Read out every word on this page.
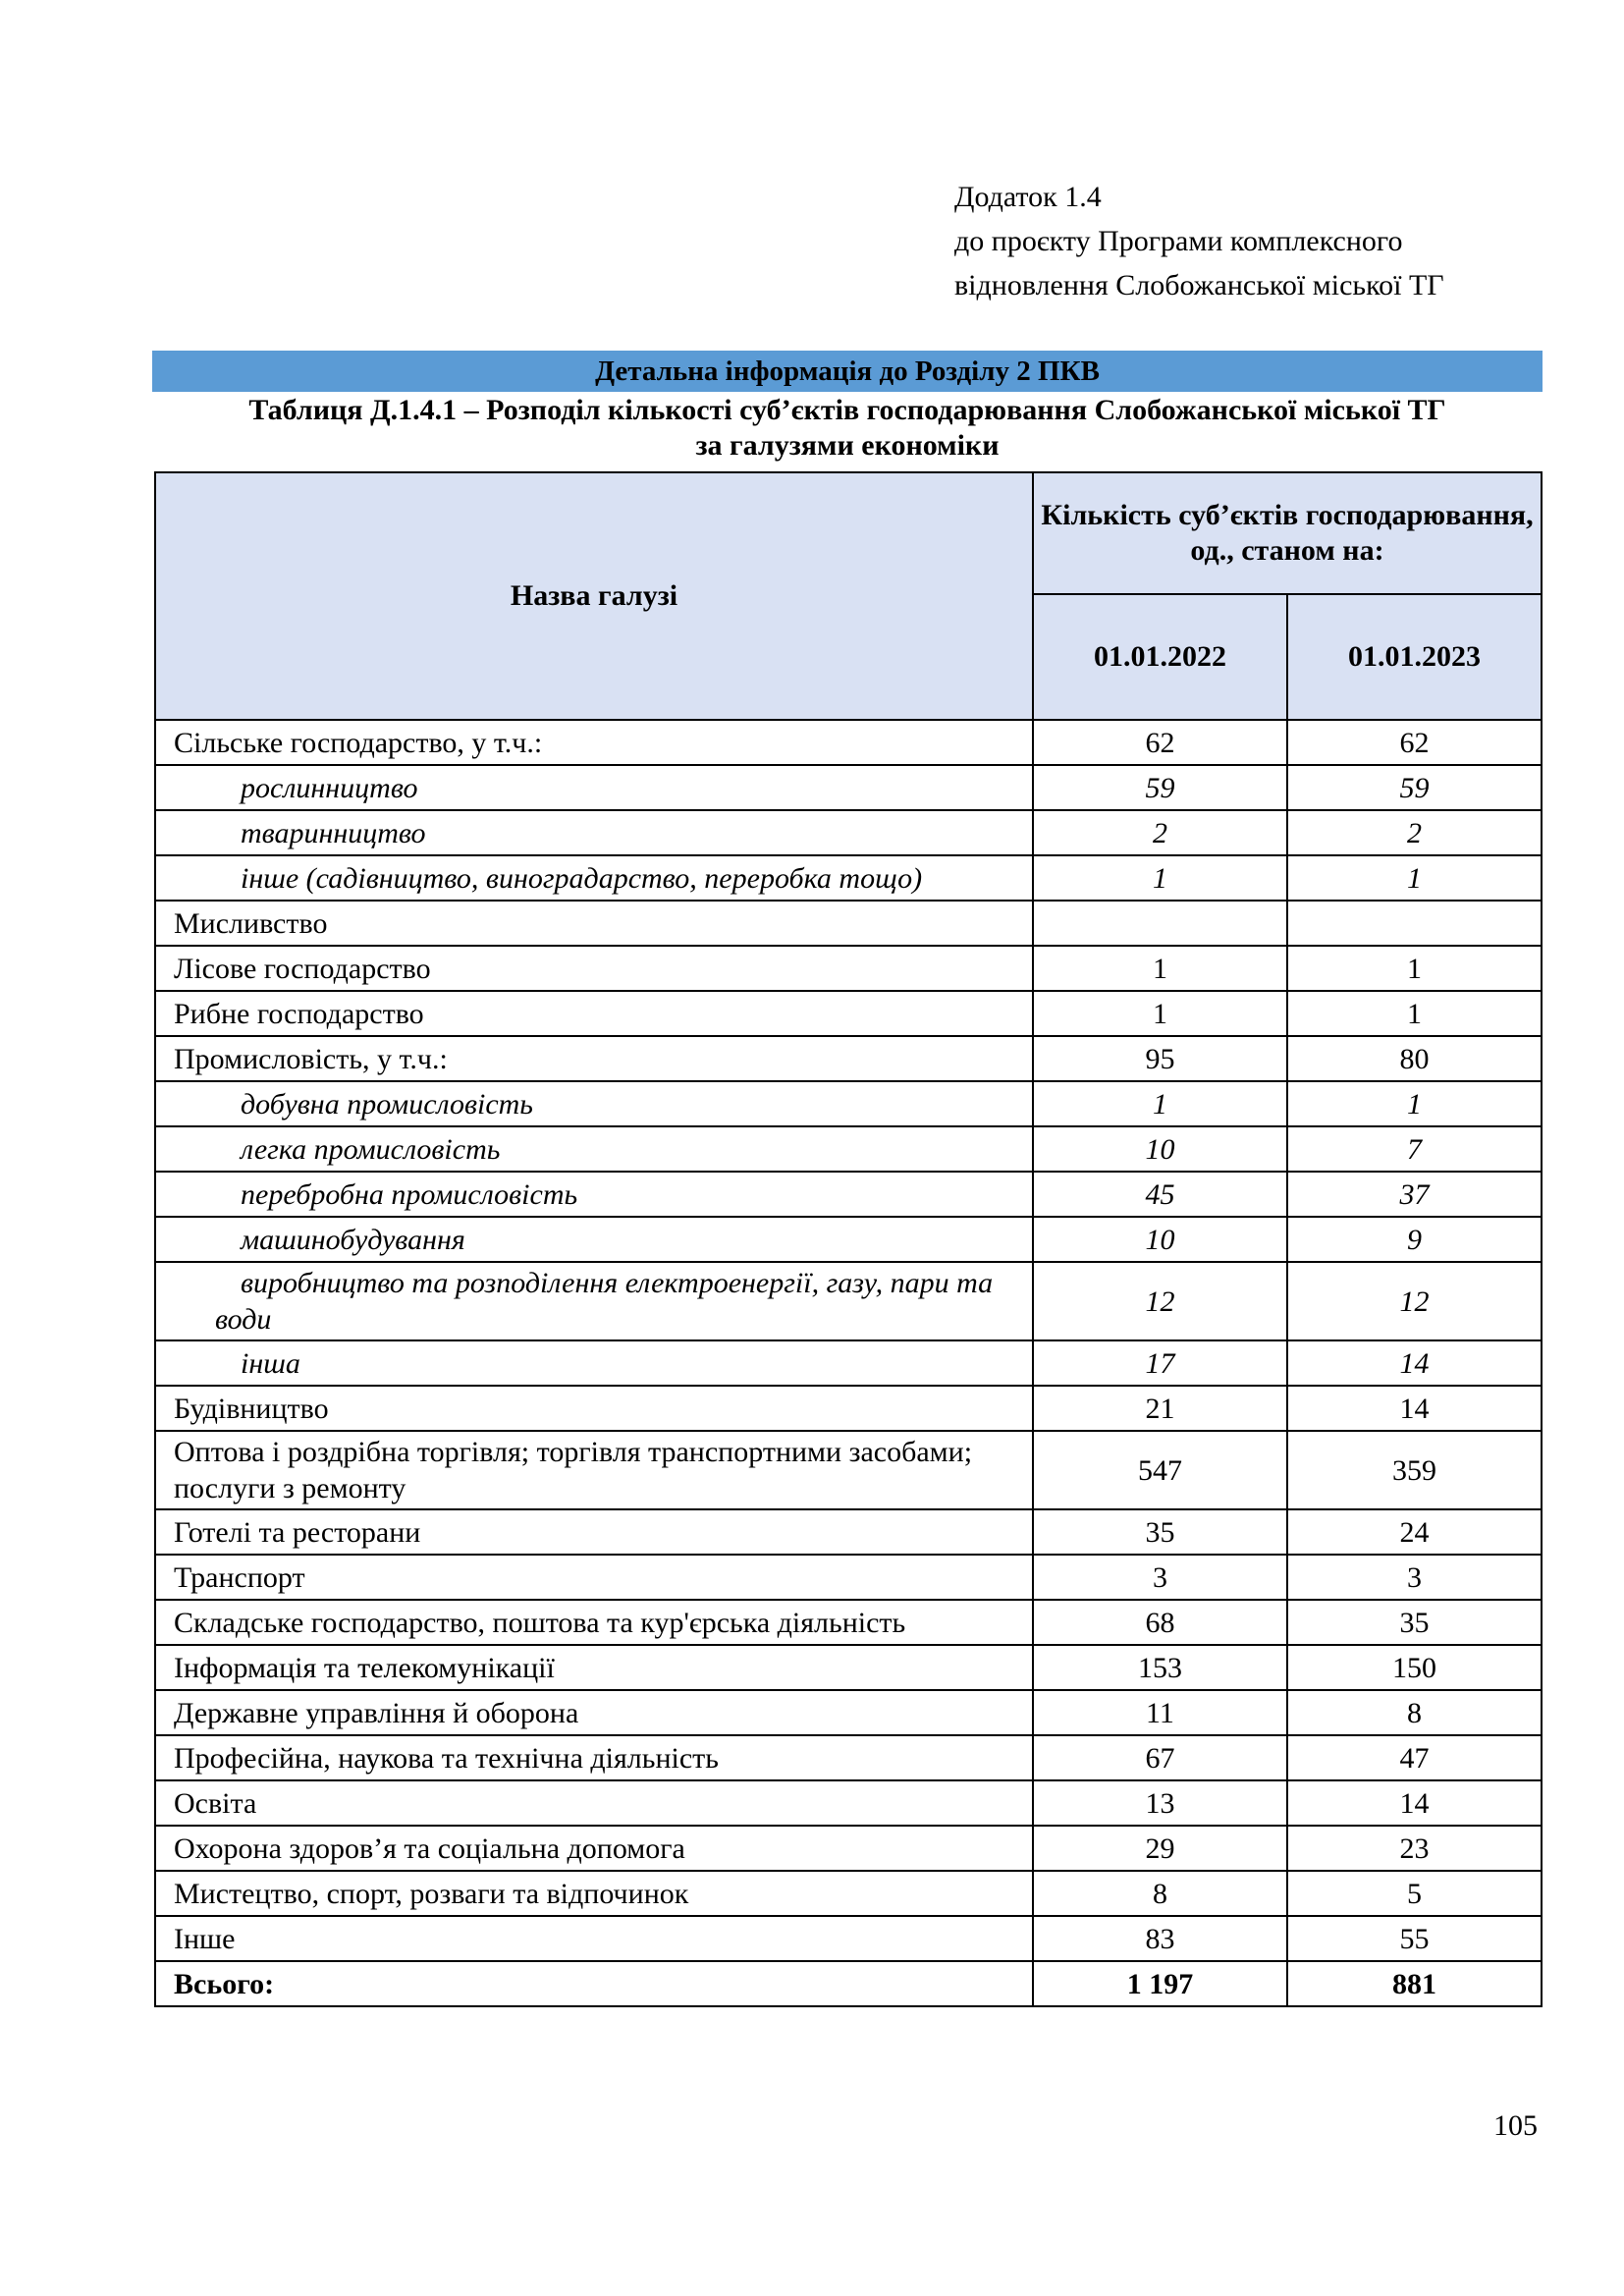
Додаток 1.4
до проєкту Програми комплексного
відновлення Слобожанської міської ТГ
Детальна інформація до Розділу 2 ПКВ
Таблиця Д.1.4.1 – Розподіл кількості суб’єктів господарювання Слобожанської міської ТГ
за галузями економіки
Назва галузі	Кількість суб’єктів господарювання, од., станом на:	
	01.01.2022	01.01.2023
Сільське господарство, у т.ч.:	62	62
рослинництво	59	59
тваринництво	2	2
інше (садівництво, виноградарство, переробка тощо)	1	1
Мисливство		
Лісове господарство	1	1
Рибне господарство	1	1
Промисловість, у т.ч.:	95	80
добувна промисловість	1	1
легка промисловість	10	7
перебробна промисловість	45	37
машинобудування	10	9
виробництво та розподілення електроенергії, газу, пари та води	12	12
інша	17	14
Будівництво	21	14
Оптова і роздрібна торгівля; торгівля транспортними засобами; послуги з ремонту	547	359
Готелі та ресторани	35	24
Транспорт	3	3
Складське господарство, поштова та кур'єрська діяльність	68	35
Інформація та телекомунікації	153	150
Державне управління й оборона	11	8
Професійна, наукова та технічна діяльність	67	47
Освіта	13	14
Охорона здоров’я та соціальна допомога	29	23
Мистецтво, спорт, розваги та відпочинок	8	5
Інше	83	55
Всього:	1 197	881
105
